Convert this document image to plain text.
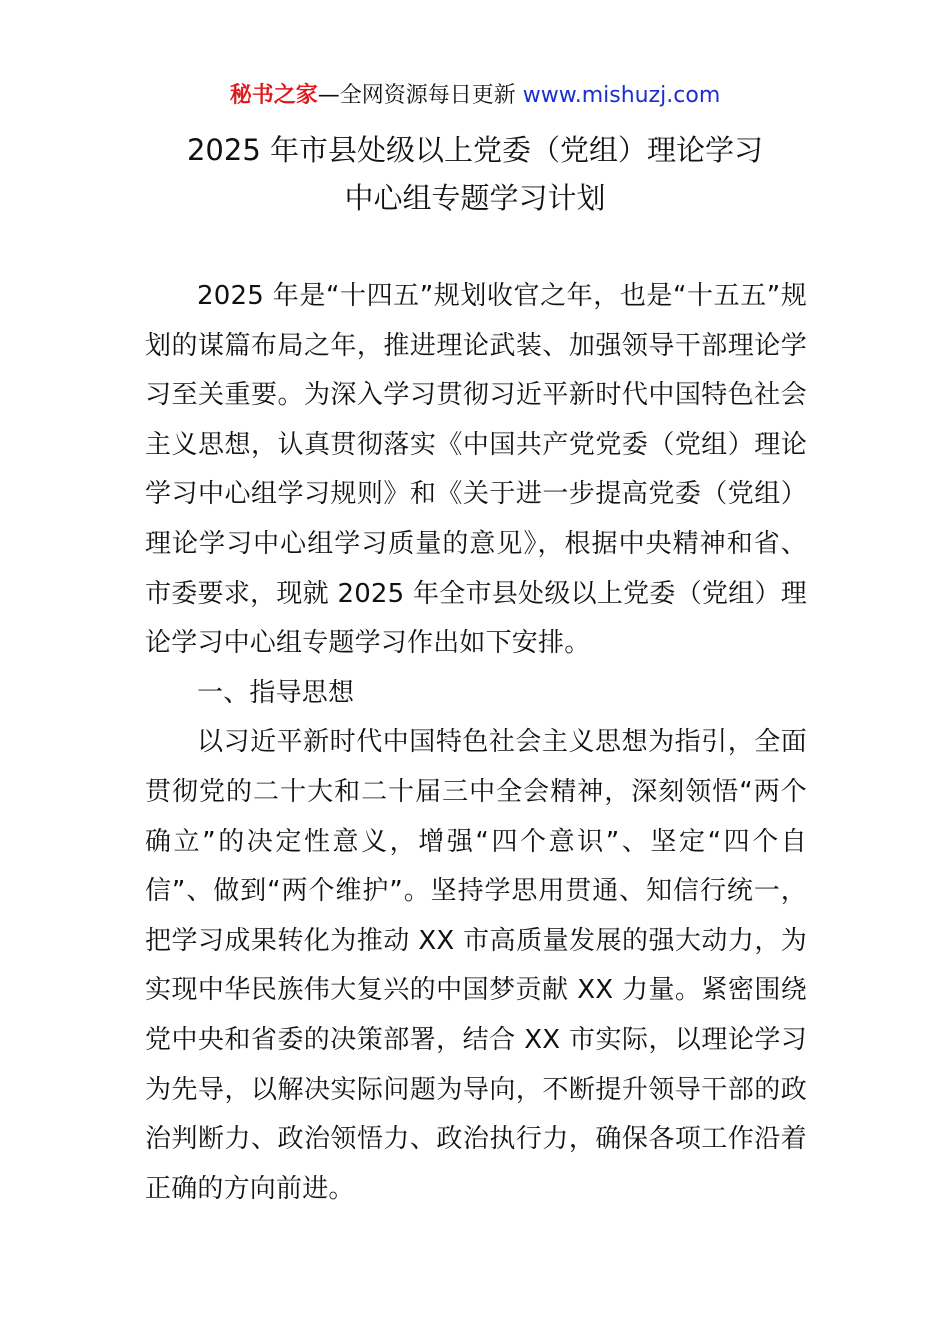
秘书之家—全网资源每日更新 www.mishuzj.com
2025 年市县处级以上党委（党组）理论学习
中心组专题学习计划

2025 年是“十四五”规划收官之年，也是“十五五”规划的谋篇布局之年，推进理论武装、加强领导干部理论学习至关重要。为深入学习贯彻习近平新时代中国特色社会主义思想，认真贯彻落实《中国共产党党委（党组）理论学习中心组学习规则》和《关于进一步提高党委（党组）理论学习中心组学习质量的意见》，根据中央精神和省、市委要求，现就 2025 年全市县处级以上党委（党组）理论学习中心组专题学习作出如下安排。

一、指导思想

以习近平新时代中国特色社会主义思想为指引，全面贯彻党的二十大和二十届三中全会精神，深刻领悟“两个确立”的决定性意义，增强“四个意识”、坚定“四个自信”、做到“两个维护”。坚持学思用贯通、知信行统一，把学习成果转化为推动 XX 市高质量发展的强大动力，为实现中华民族伟大复兴的中国梦贡献 XX 力量。紧密围绕党中央和省委的决策部署，结合 XX 市实际，以理论学习为先导，以解决实际问题为导向，不断提升领导干部的政治判断力、政治领悟力、政治执行力，确保各项工作沿着正确的方向前进。
